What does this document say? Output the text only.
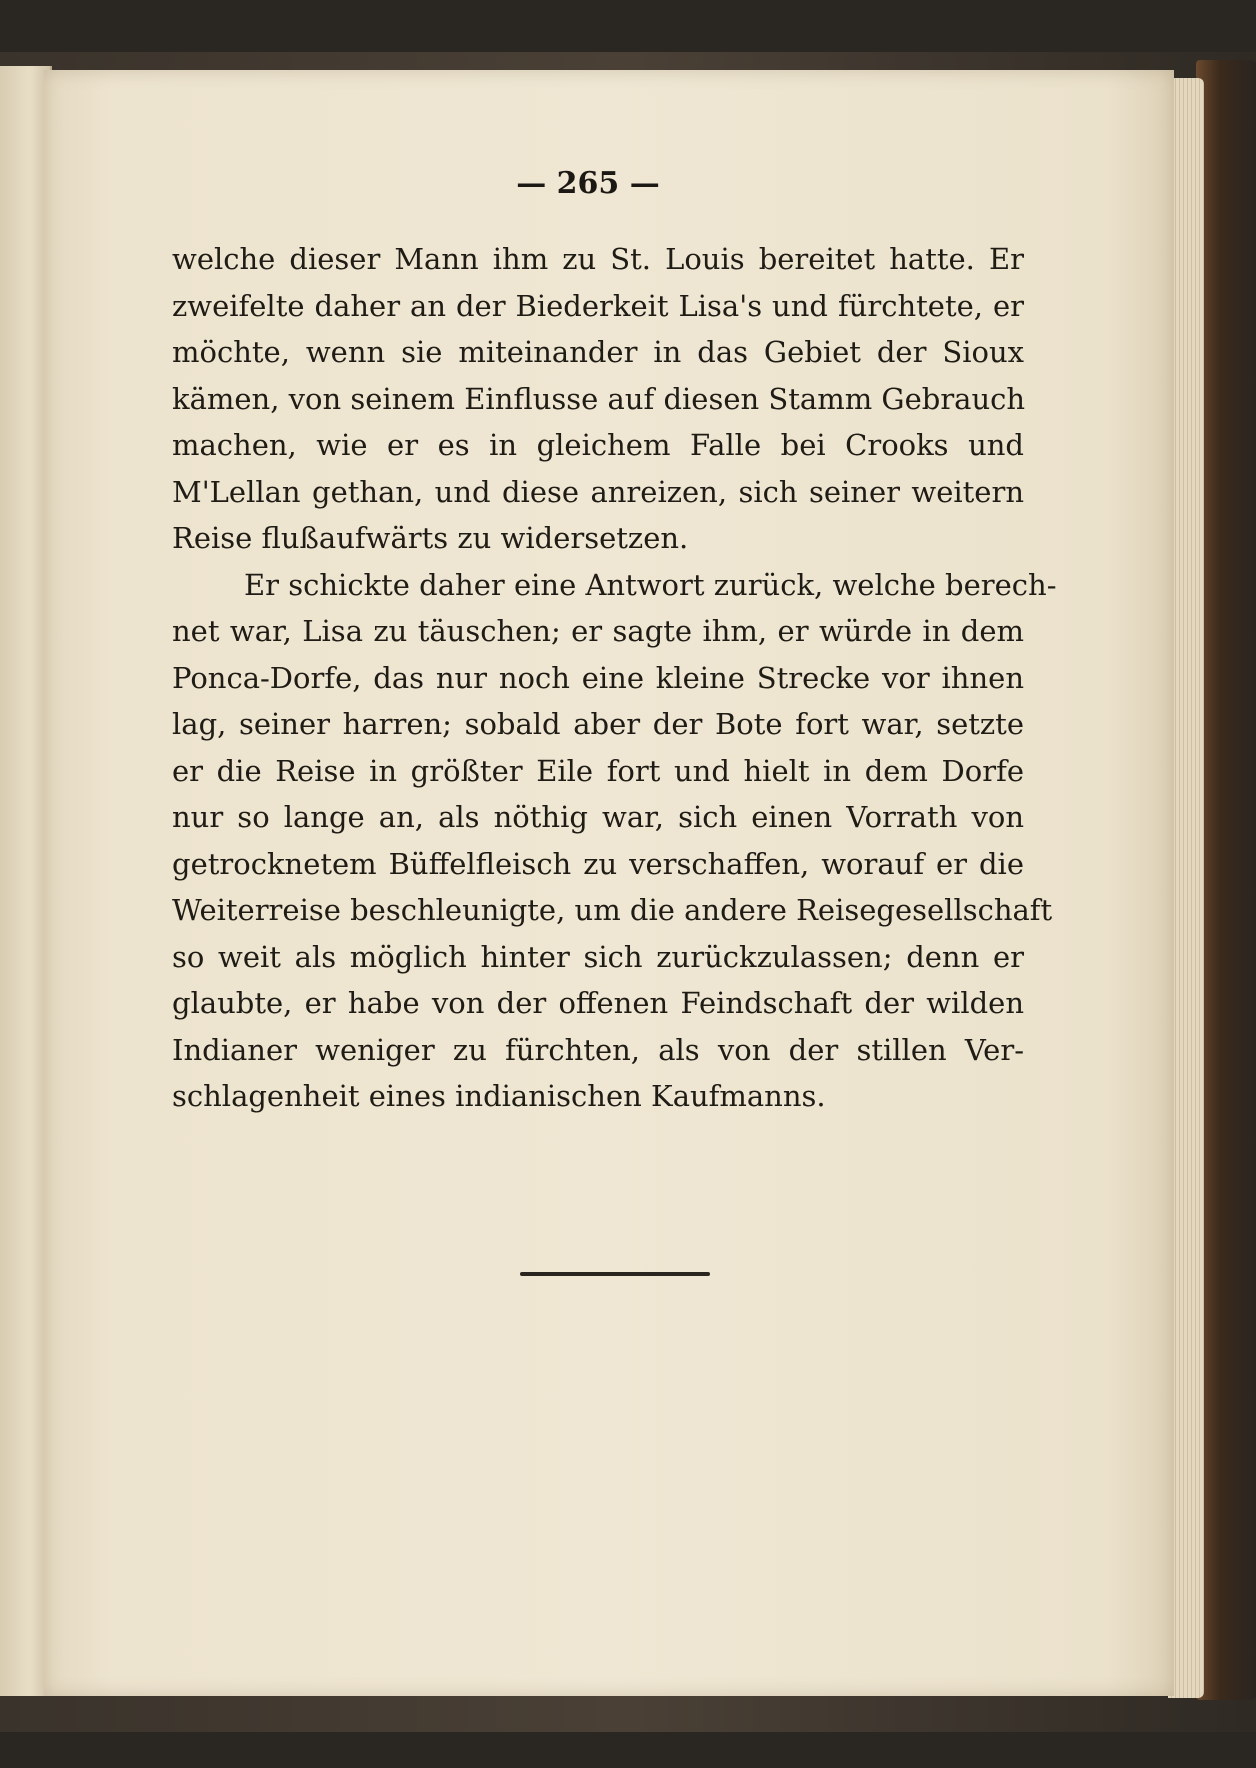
— 265 —
welche dieser Mann ihm zu St. Louis bereitet hatte. Er
zweifelte daher an der Biederkeit Lisa's und fürchtete, er
möchte, wenn sie miteinander in das Gebiet der Sioux
kämen, von seinem Einflusse auf diesen Stamm Gebrauch
machen, wie er es in gleichem Falle bei Crooks und
M'Lellan gethan, und diese anreizen, sich seiner weitern
Reise flußaufwärts zu widersetzen.
Er schickte daher eine Antwort zurück, welche berech-
net war, Lisa zu täuschen; er sagte ihm, er würde in dem
Ponca-Dorfe, das nur noch eine kleine Strecke vor ihnen
lag, seiner harren; sobald aber der Bote fort war, setzte
er die Reise in größter Eile fort und hielt in dem Dorfe
nur so lange an, als nöthig war, sich einen Vorrath von
getrocknetem Büffelfleisch zu verschaffen, worauf er die
Weiterreise beschleunigte, um die andere Reisegesellschaft
so weit als möglich hinter sich zurückzulassen; denn er
glaubte, er habe von der offenen Feindschaft der wilden
Indianer weniger zu fürchten, als von der stillen Ver-
schlagenheit eines indianischen Kaufmanns.
